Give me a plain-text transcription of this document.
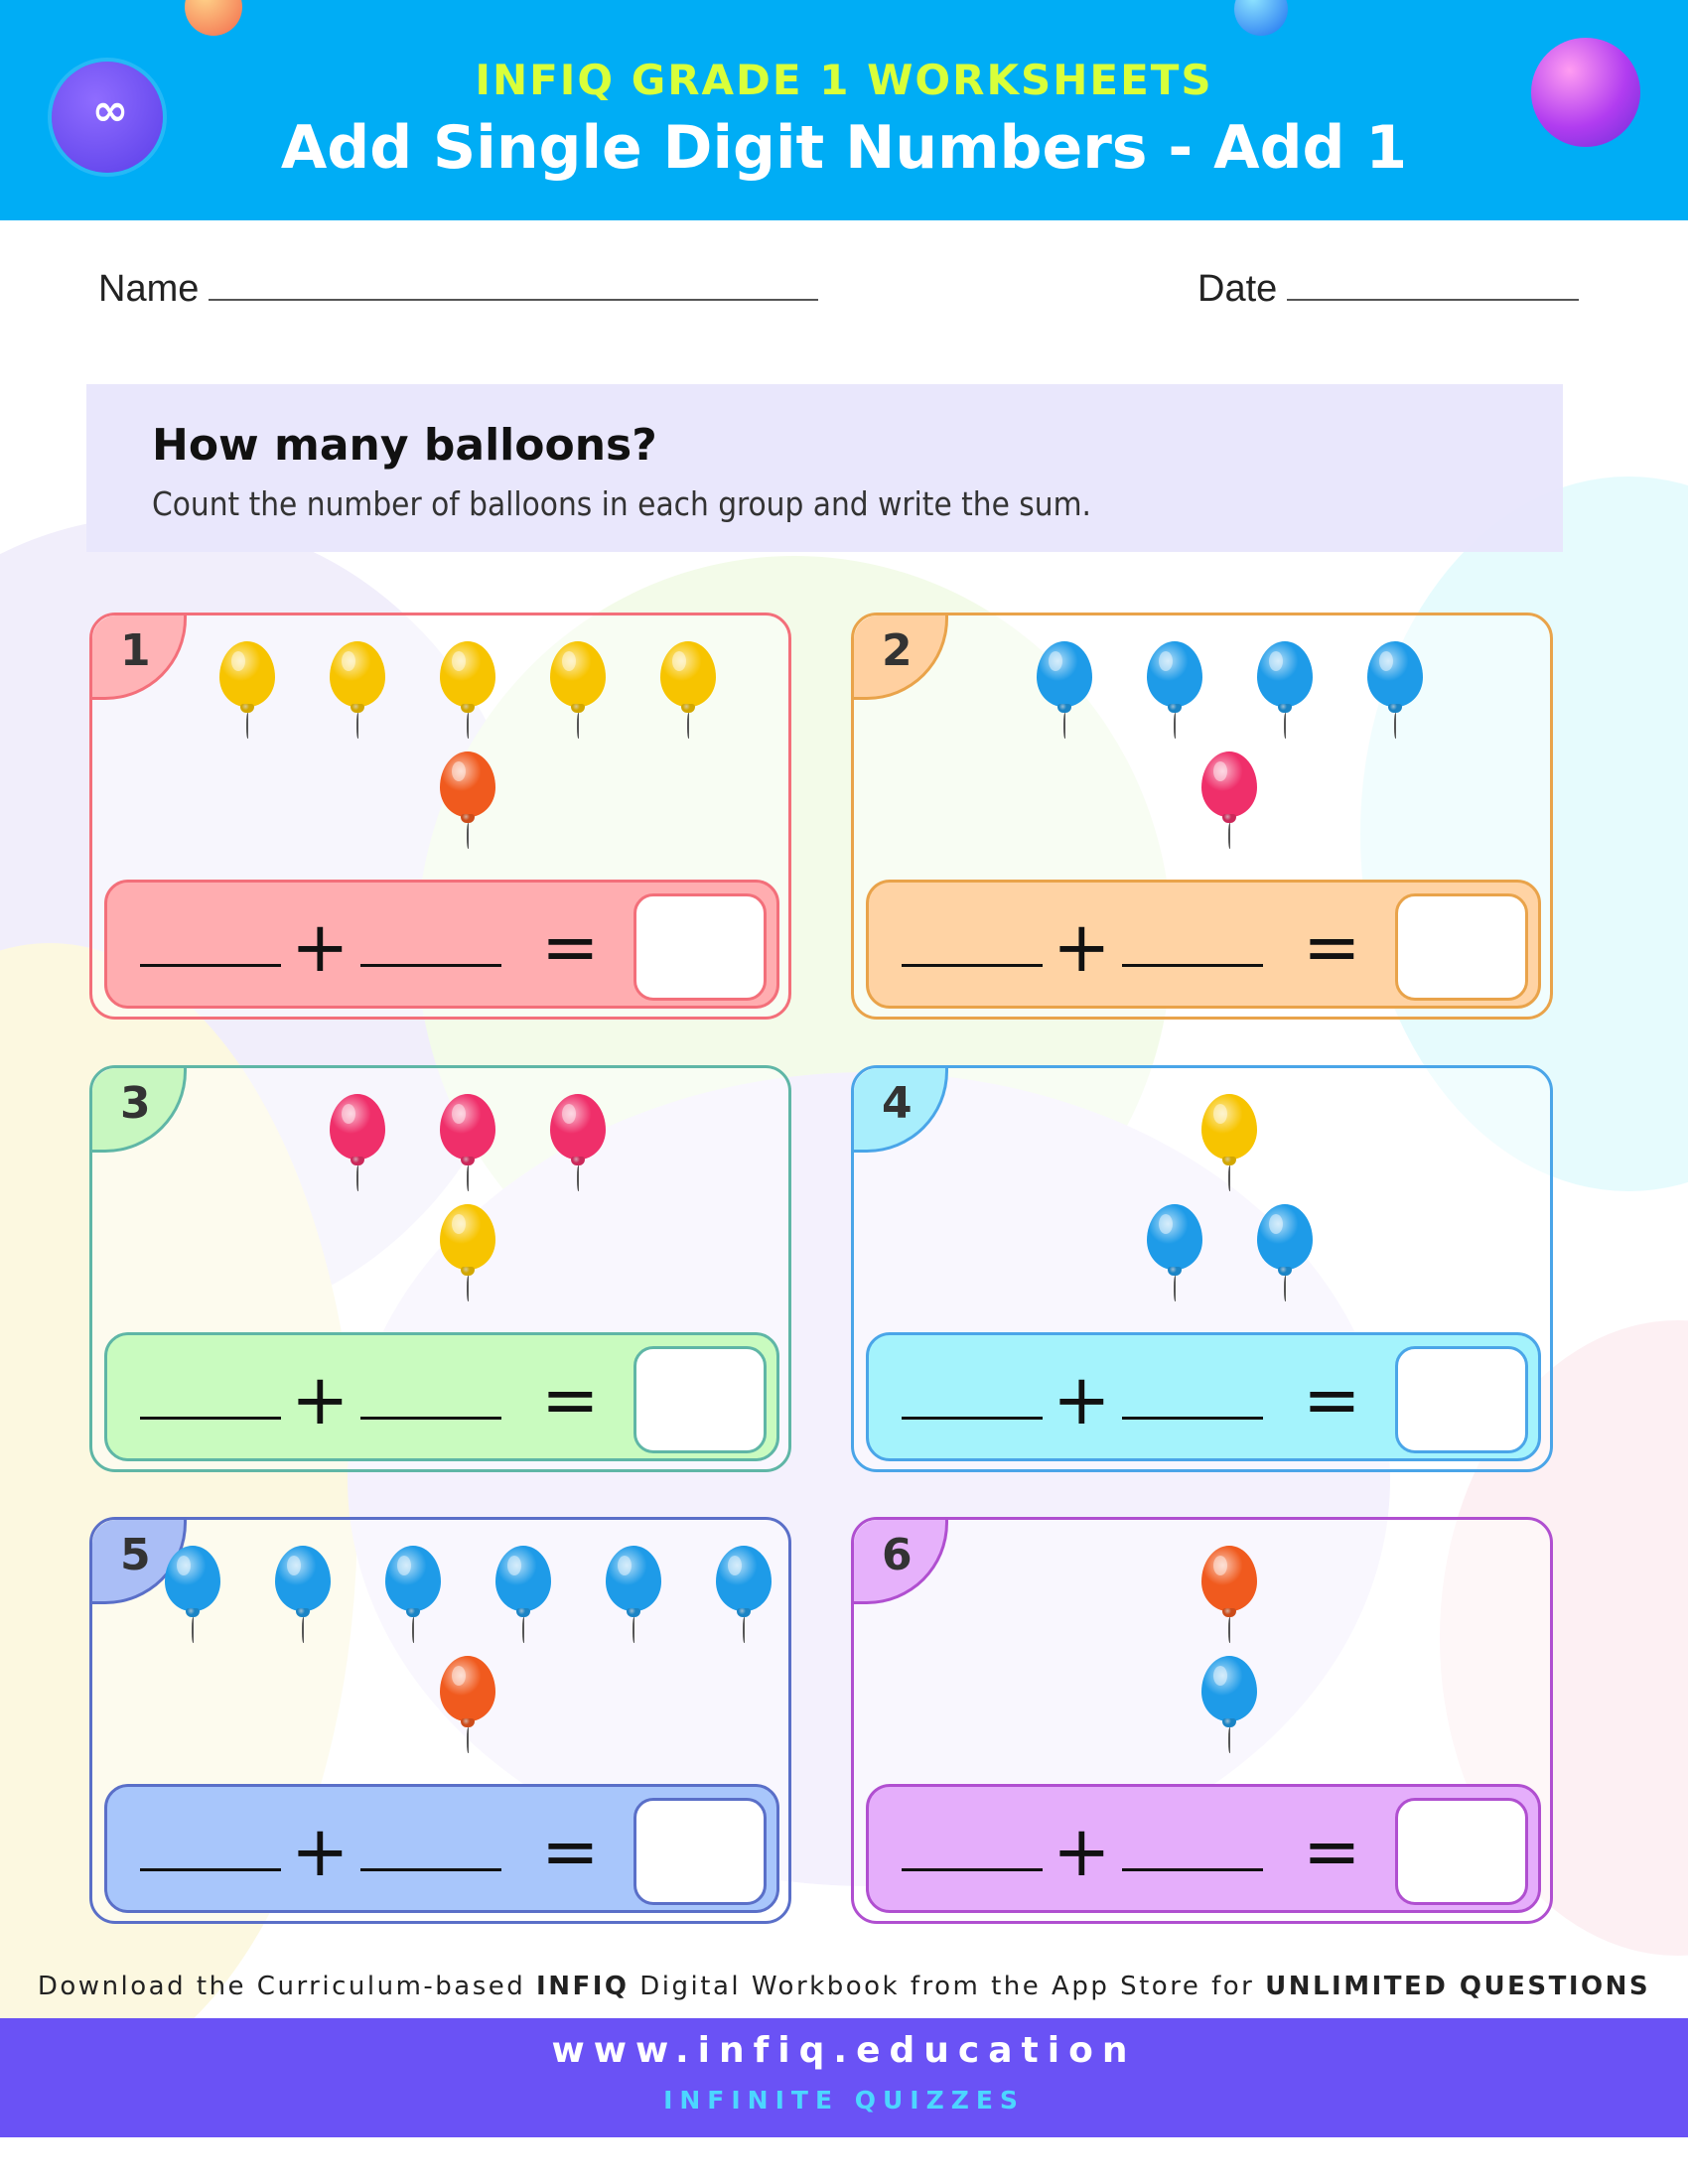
∞
INFIQ GRADE 1 WORKSHEETS
Add Single Digit Numbers - Add 1
Name	Date
How many balloons?
Count the number of balloons in each group and write the sum.
1
+	=
2
+	=
3
+	=
4
+	=
5
+	=
6
+	=
Download the Curriculum-based INFIQ Digital Workbook from the App Store for UNLIMITED QUESTIONS
www.infiq.education
INFINITE QUIZZES
